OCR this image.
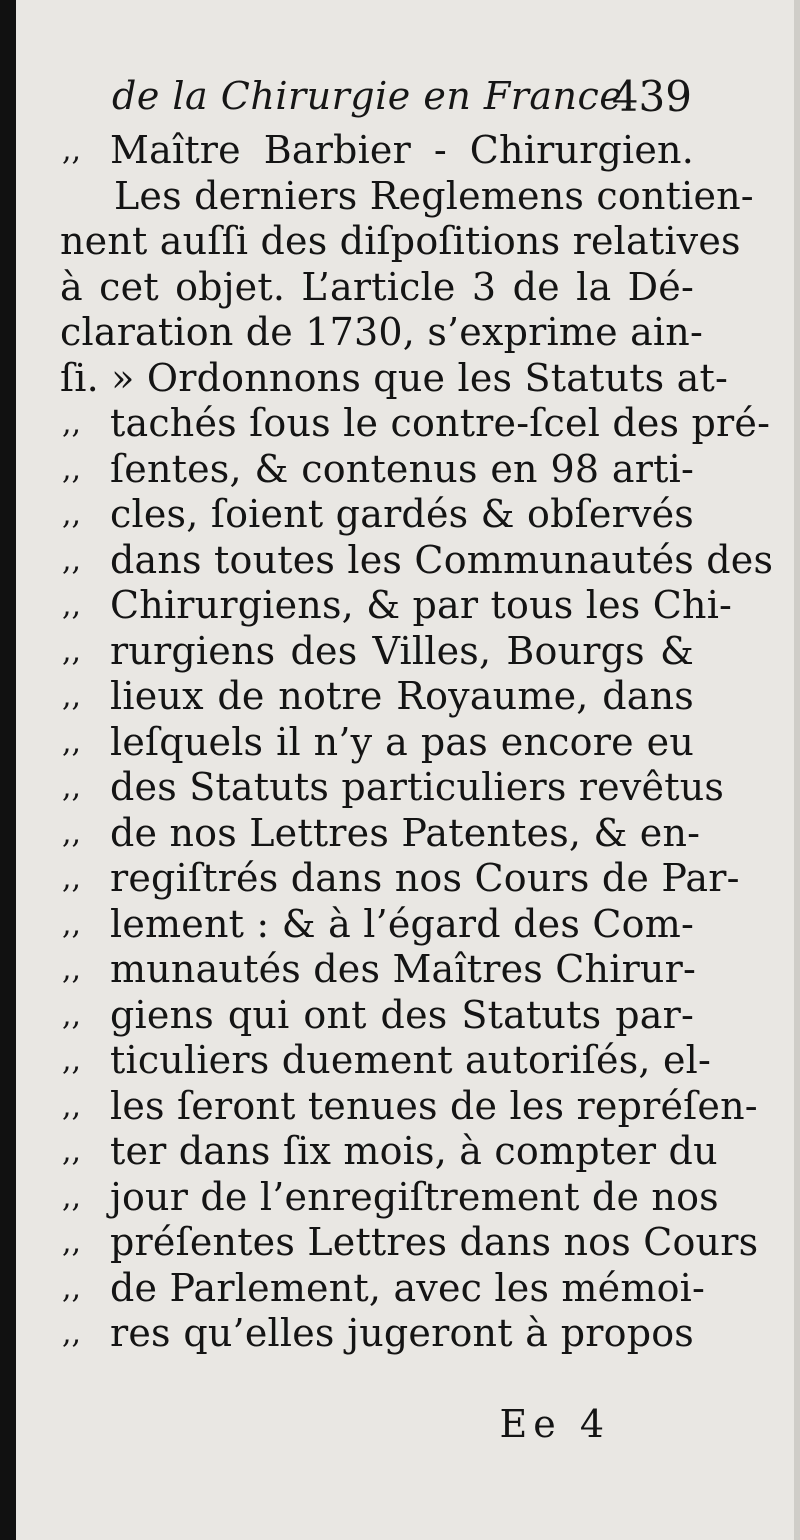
de la Chirurgie en France.
439
,, Maître Barbier - Chirurgien.
Les derniers Reglemens contien-
nent auſſi des diſpoſitions relatives
à cet objet. L’article 3 de la Dé-
claration de 1730, s’exprime ain-
ſi. » Ordonnons que les Statuts at-
,, tachés ſous le contre-ſcel des pré-
,, ſentes, & contenus en 98 arti-
,, cles, ſoient gardés & obſervés
,, dans toutes les Communautés des
,, Chirurgiens, & par tous les Chi-
,, rurgiens des Villes, Bourgs &
,, lieux de notre Royaume, dans
,, leſquels il n’y a pas encore eu
,, des Statuts particuliers revêtus
,, de nos Lettres Patentes, & en-
,, regiſtrés dans nos Cours de Par-
,, lement : & à l’égard des Com-
,, munautés des Maîtres Chirur-
,, giens qui ont des Statuts par-
,, ticuliers duement autoriſés, el-
,, les ſeront tenues de les repréſen-
,, ter dans ſix mois, à compter du
,, jour de l’enregiſtrement de nos
,, préſentes Lettres dans nos Cours
,, de Parlement, avec les mémoi-
,, res qu’elles jugeront à propos
Ee 4
